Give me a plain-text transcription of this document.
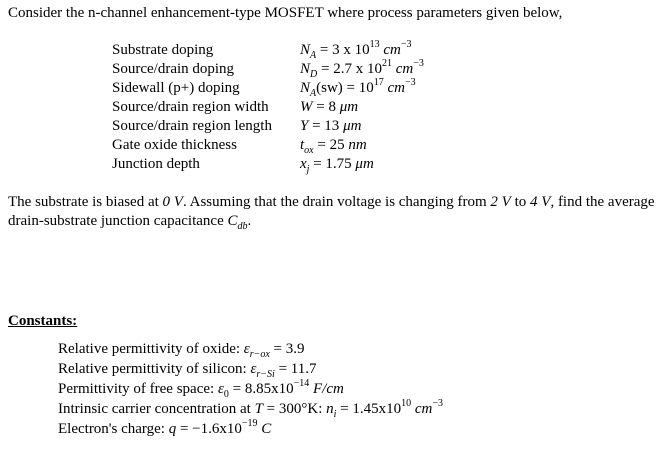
Consider the n-channel enhancement-type MOSFET where process parameters given below,
Substrate doping	$N_A = 3$ x $10^{13}$ $cm^{-3}$
Source/drain doping	$N_D = 2.7$ x $10^{21}$ $cm^{-3}$
Sidewall (p+) doping	$N_A(sw) = 10^{17}$ $cm^{-3}$
Source/drain region width W = 8 μm
Source/drain region length Y = 13 μm
Gate oxide thickness	$t_{ox} = 25$ nm
Junction depth	$x_j = 1.75$ μm
The substrate is biased at 0 V. Assuming that the drain voltage is changing from 2 V to 4 V, find the average drain-substrate junction capacitance $C_{db}$.
Constants:
Relative permittivity of oxide: $\varepsilon_{r-ox} = 3.9$
Relative permittivity of silicon: $\varepsilon_{r-Si} = 11.7$
Permittivity of free space: $\varepsilon_0 = 8.85x10^{-14}$ F/cm
Intrinsic carrier concentration at T = 300°K: $n_i = 1.45x10^{10}$ $cm^{-3}$
Electron's charge: $q = -1.6x10^{-19}$ C
